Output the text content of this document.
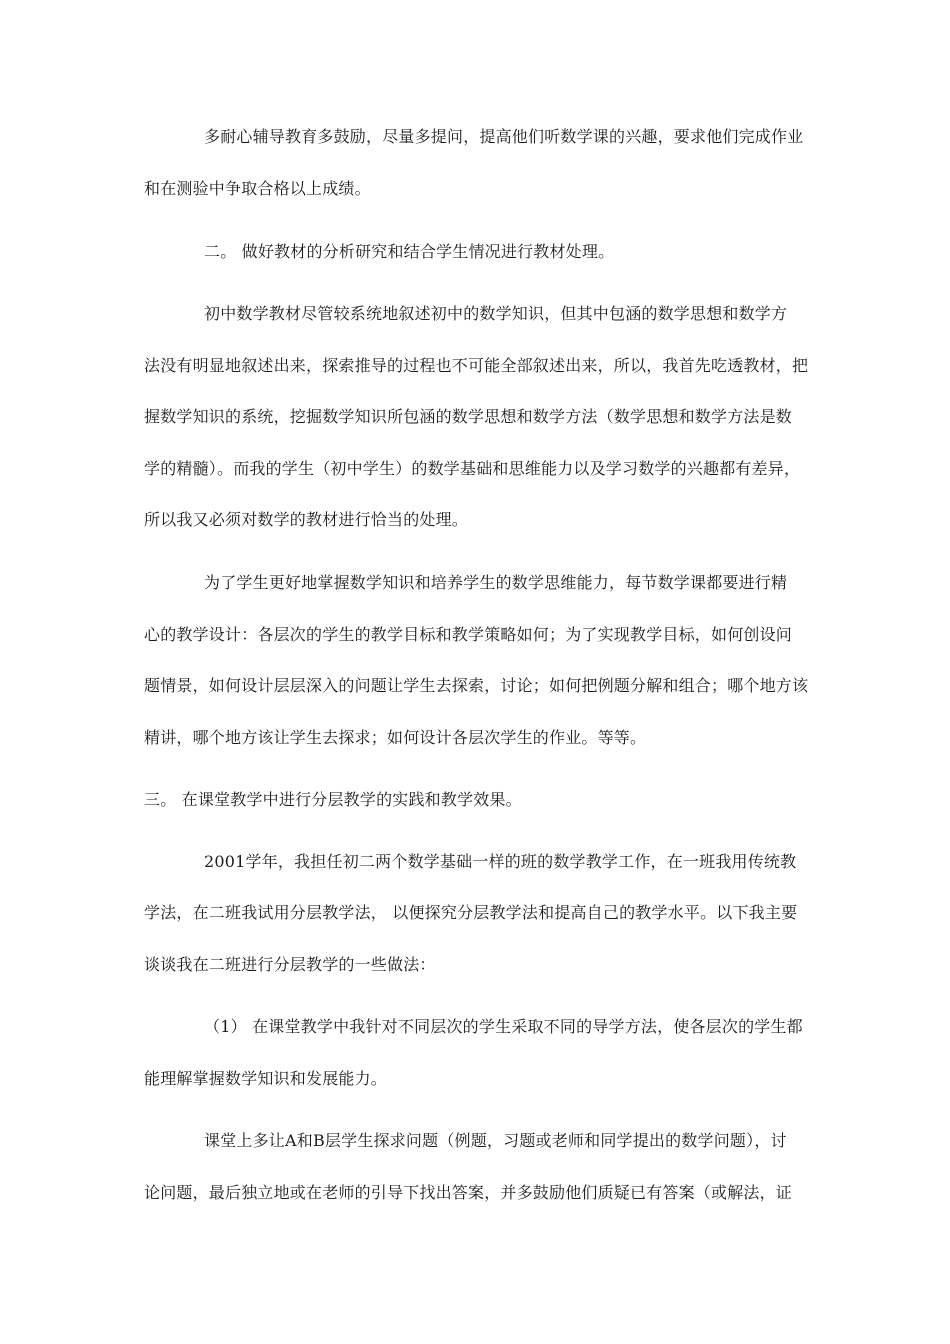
多耐心辅导教育多鼓励，尽量多提问，提高他们听数学课的兴趣，要求他们完成作业
和在测验中争取合格以上成绩。
二。 做好教材的分析研究和结合学生情况进行教材处理。
初中数学教材尽管较系统地叙述初中的数学知识，但其中包涵的数学思想和数学方
法没有明显地叙述出来，探索推导的过程也不可能全部叙述出来，所以，我首先吃透教材，把
握数学知识的系统，挖掘数学知识所包涵的数学思想和数学方法（数学思想和数学方法是数
学的精髓）。而我的学生（初中学生）的数学基础和思维能力以及学习数学的兴趣都有差异，
所以我又必须对数学的教材进行恰当的处理。
为了学生更好地掌握数学知识和培养学生的数学思维能力，每节数学课都要进行精
心的教学设计：各层次的学生的教学目标和教学策略如何；为了实现教学目标，如何创设问
题情景，如何设计层层深入的问题让学生去探索，讨论；如何把例题分解和组合；哪个地方该
精讲，哪个地方该让学生去探求；如何设计各层次学生的作业。等等。
三。 在课堂教学中进行分层教学的实践和教学效果。
2001学年，我担任初二两个数学基础一样的班的数学教学工作，在一班我用传统教
学法，在二班我试用分层教学法， 以便探究分层教学法和提高自己的教学水平。以下我主要
谈谈我在二班进行分层教学的一些做法：
（1） 在课堂教学中我针对不同层次的学生采取不同的导学方法，使各层次的学生都
能理解掌握数学知识和发展能力。
课堂上多让A和B层学生探求问题（例题，习题或老师和同学提出的数学问题），讨
论问题，最后独立地或在老师的引导下找出答案，并多鼓励他们质疑已有答案（或解法，证
